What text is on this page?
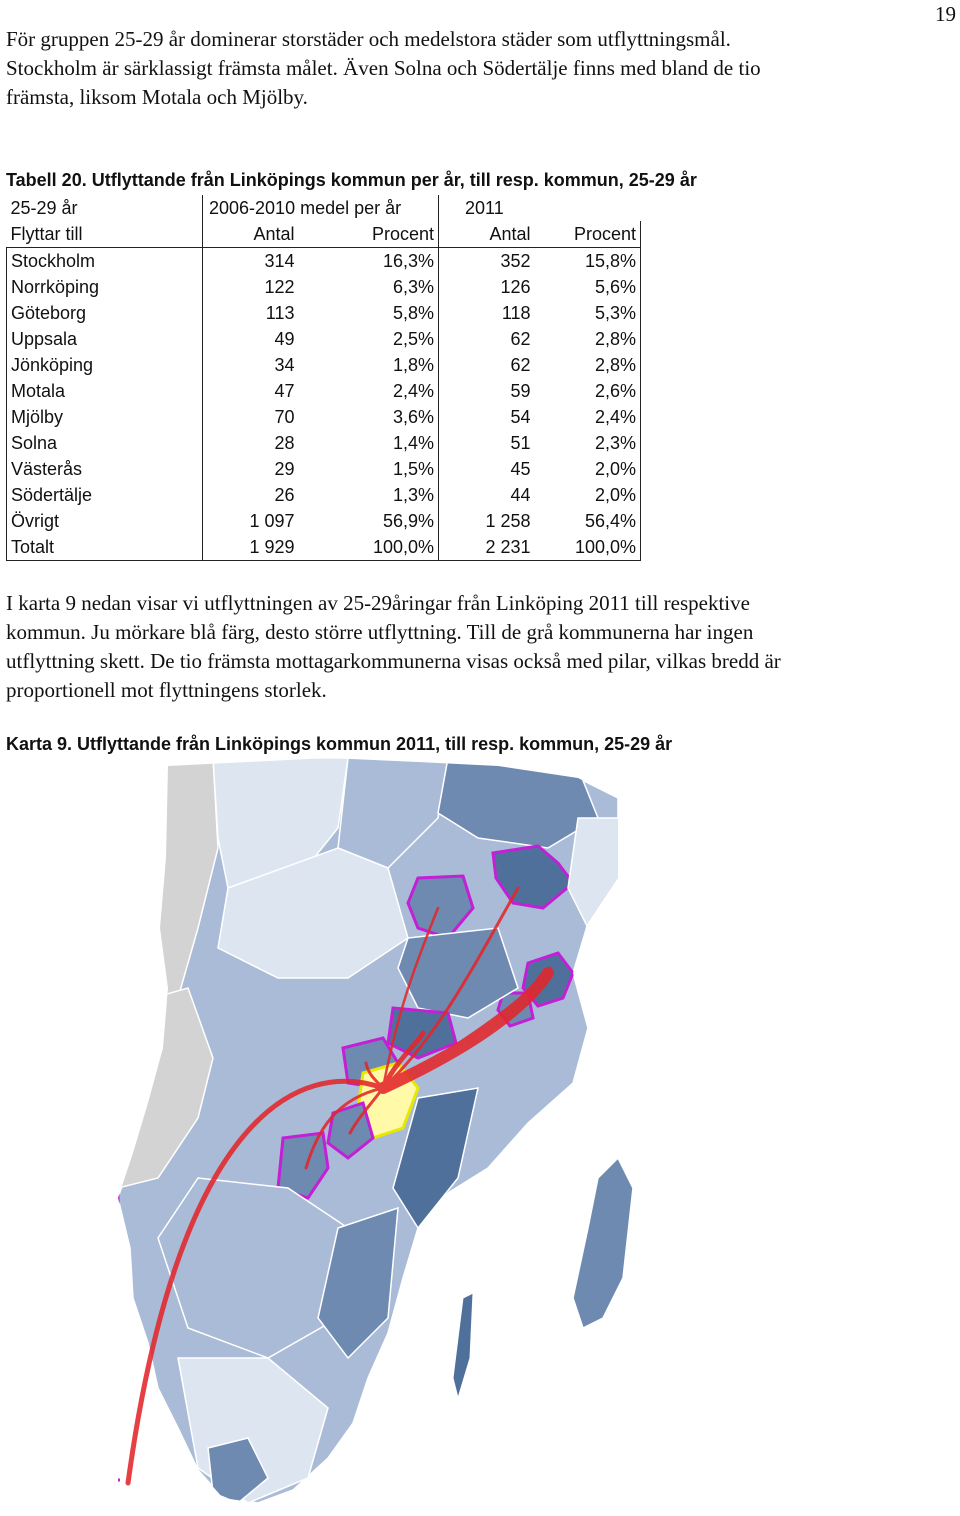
19

För gruppen 25-29 år dominerar storstäder och medelstora städer som utflyttningsmål.
Stockholm är särklassigt främsta målet. Även Solna och Södertälje finns med bland de tio
främsta, liksom Motala och Mjölby.

Tabell 20. Utflyttande från Linköpings kommun per år, till resp. kommun, 25-29 år
25-29 år	2006-2010 medel per år		2011	
Flyttar till	Antal	Procent	Antal	Procent
Stockholm	314	16,3%	352	15,8%
Norrköping	122	6,3%	126	5,6%
Göteborg	113	5,8%	118	5,3%
Uppsala	49	2,5%	62	2,8%
Jönköping	34	1,8%	62	2,8%
Motala	47	2,4%	59	2,6%
Mjölby	70	3,6%	54	2,4%
Solna	28	1,4%	51	2,3%
Västerås	29	1,5%	45	2,0%
Södertälje	26	1,3%	44	2,0%
Övrigt	1 097	56,9%	1 258	56,4%
Totalt	1 929	100,0%	2 231	100,0%

I karta 9 nedan visar vi utflyttningen av 25-29åringar från Linköping 2011 till respektive
kommun. Ju mörkare blå färg, desto större utflyttning. Till de grå kommunerna har ingen
utflyttning skett. De tio främsta mottagarkommunerna visas också med pilar, vilkas bredd är
proportionell mot flyttningens storlek.

Karta 9. Utflyttande från Linköpings kommun 2011, till resp. kommun, 25-29 år
